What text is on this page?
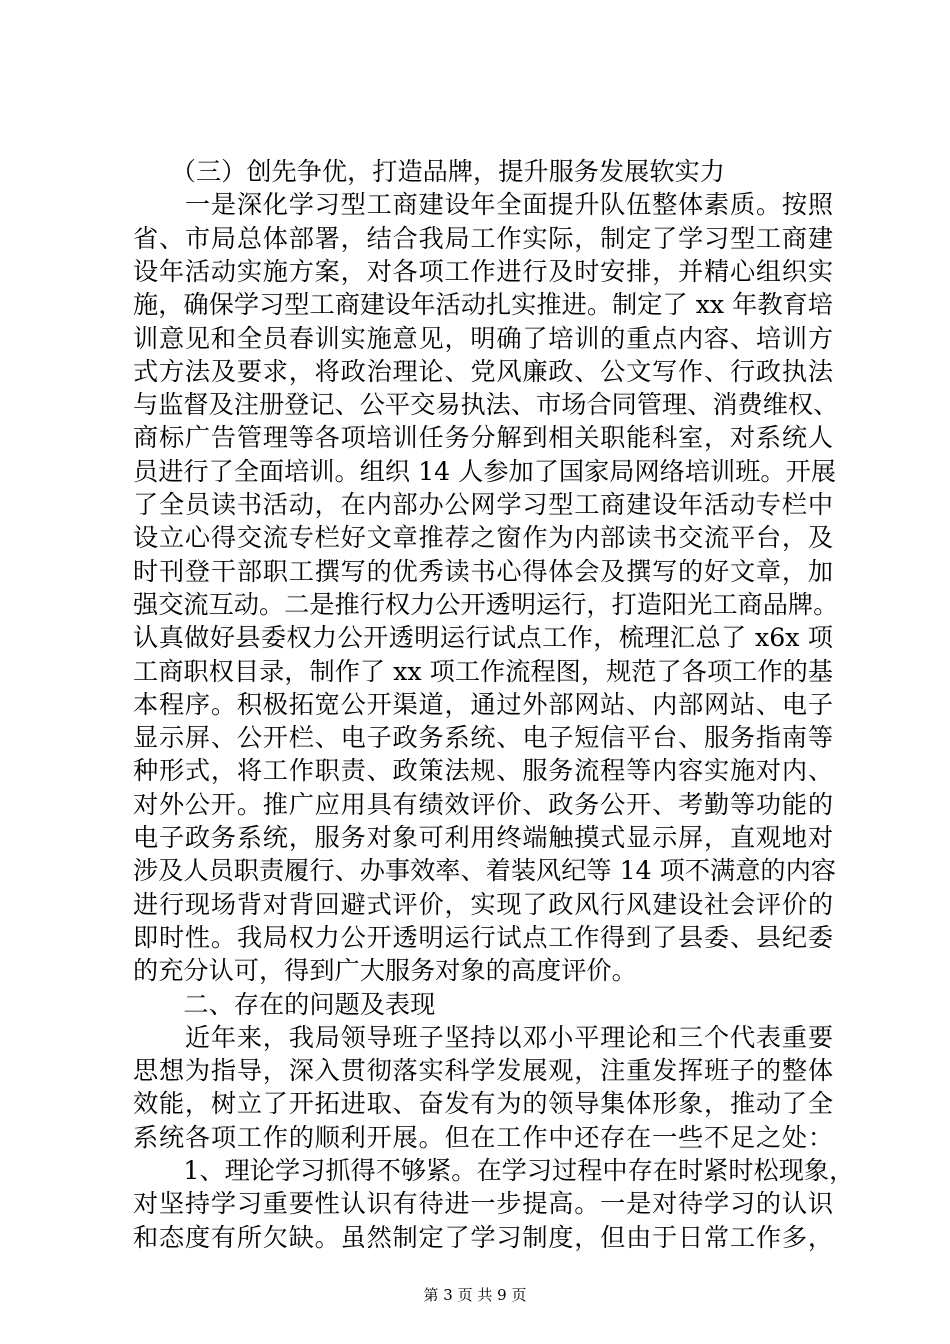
　　（三）创先争优，打造品牌，提升服务发展软实力
　　一是深化学习型工商建设年全面提升队伍整体素质。按照
省、市局总体部署，结合我局工作实际，制定了学习型工商建
设年活动实施方案，对各项工作进行及时安排，并精心组织实
施，确保学习型工商建设年活动扎实推进。制定了 xx 年教育培
训意见和全员春训实施意见，明确了培训的重点内容、培训方
式方法及要求，将政治理论、党风廉政、公文写作、行政执法
与监督及注册登记、公平交易执法、市场合同管理、消费维权、
商标广告管理等各项培训任务分解到相关职能科室，对系统人
员进行了全面培训。组织 14 人参加了国家局网络培训班。开展
了全员读书活动，在内部办公网学习型工商建设年活动专栏中
设立心得交流专栏好文章推荐之窗作为内部读书交流平台，及
时刊登干部职工撰写的优秀读书心得体会及撰写的好文章，加
强交流互动。二是推行权力公开透明运行，打造阳光工商品牌。
认真做好县委权力公开透明运行试点工作，梳理汇总了 x6x 项
工商职权目录，制作了 xx 项工作流程图，规范了各项工作的基
本程序。积极拓宽公开渠道，通过外部网站、内部网站、电子
显示屏、公开栏、电子政务系统、电子短信平台、服务指南等
种形式，将工作职责、政策法规、服务流程等内容实施对内、
对外公开。推广应用具有绩效评价、政务公开、考勤等功能的
电子政务系统，服务对象可利用终端触摸式显示屏，直观地对
涉及人员职责履行、办事效率、着装风纪等 14 项不满意的内容
进行现场背对背回避式评价，实现了政风行风建设社会评价的
即时性。我局权力公开透明运行试点工作得到了县委、县纪委
的充分认可，得到广大服务对象的高度评价。
　　二、存在的问题及表现
　　近年来，我局领导班子坚持以邓小平理论和三个代表重要
思想为指导，深入贯彻落实科学发展观，注重发挥班子的整体
效能，树立了开拓进取、奋发有为的领导集体形象，推动了全
系统各项工作的顺利开展。但在工作中还存在一些不足之处：
　　1、理论学习抓得不够紧。在学习过程中存在时紧时松现象，
对坚持学习重要性认识有待进一步提高。一是对待学习的认识
和态度有所欠缺。虽然制定了学习制度，但由于日常工作多，
第 3 页 共 9 页
